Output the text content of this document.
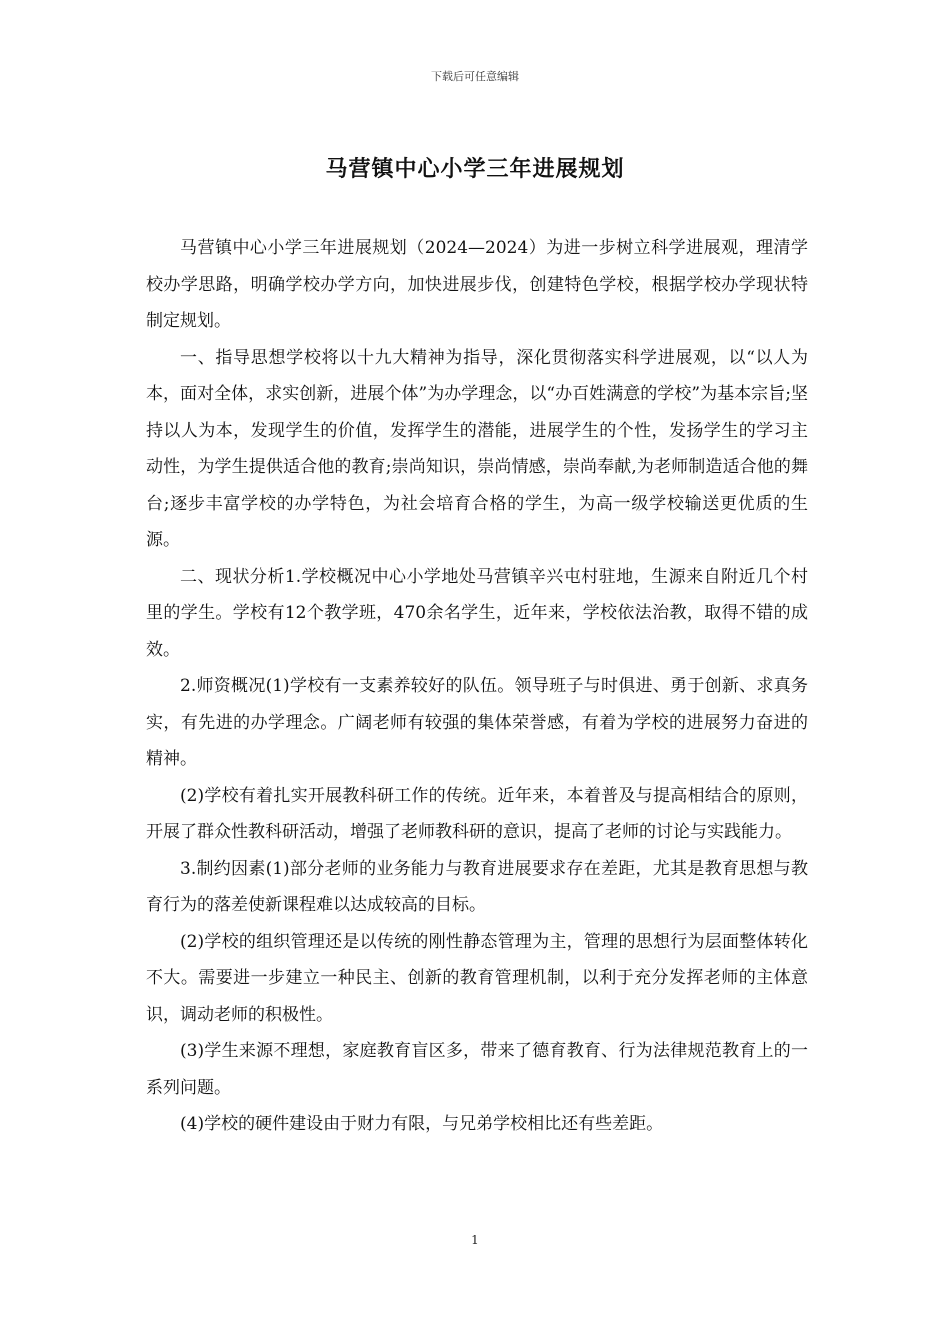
下载后可任意编辑
马营镇中心小学三年进展规划

马营镇中心小学三年进展规划（2024—2024）为进一步树立科学进展观，理清学校办学思路，明确学校办学方向，加快进展步伐，创建特色学校，根据学校办学现状特制定规划。

一、指导思想学校将以十九大精神为指导，深化贯彻落实科学进展观，以“以人为本，面对全体，求实创新，进展个体”为办学理念，以“办百姓满意的学校”为基本宗旨;坚持以人为本，发现学生的价值，发挥学生的潜能，进展学生的个性，发扬学生的学习主动性，为学生提供适合他的教育;崇尚知识，崇尚情感，崇尚奉献,为老师制造适合他的舞台;逐步丰富学校的办学特色，为社会培育合格的学生，为高一级学校输送更优质的生源。

二、现状分析1.学校概况中心小学地处马营镇辛兴屯村驻地，生源来自附近几个村里的学生。学校有12个教学班，470余名学生，近年来，学校依法治教，取得不错的成效。

2.师资概况(1)学校有一支素养较好的队伍。领导班子与时俱进、勇于创新、求真务实，有先进的办学理念。广阔老师有较强的集体荣誉感，有着为学校的进展努力奋进的精神。

(2)学校有着扎实开展教科研工作的传统。近年来，本着普及与提高相结合的原则，开展了群众性教科研活动，增强了老师教科研的意识，提高了老师的讨论与实践能力。

3.制约因素(1)部分老师的业务能力与教育进展要求存在差距，尤其是教育思想与教育行为的落差使新课程难以达成较高的目标。

(2)学校的组织管理还是以传统的刚性静态管理为主，管理的思想行为层面整体转化不大。需要进一步建立一种民主、创新的教育管理机制，以利于充分发挥老师的主体意识，调动老师的积极性。

(3)学生来源不理想，家庭教育盲区多，带来了德育教育、行为法律规范教育上的一系列问题。

(4)学校的硬件建设由于财力有限，与兄弟学校相比还有些差距。

1
